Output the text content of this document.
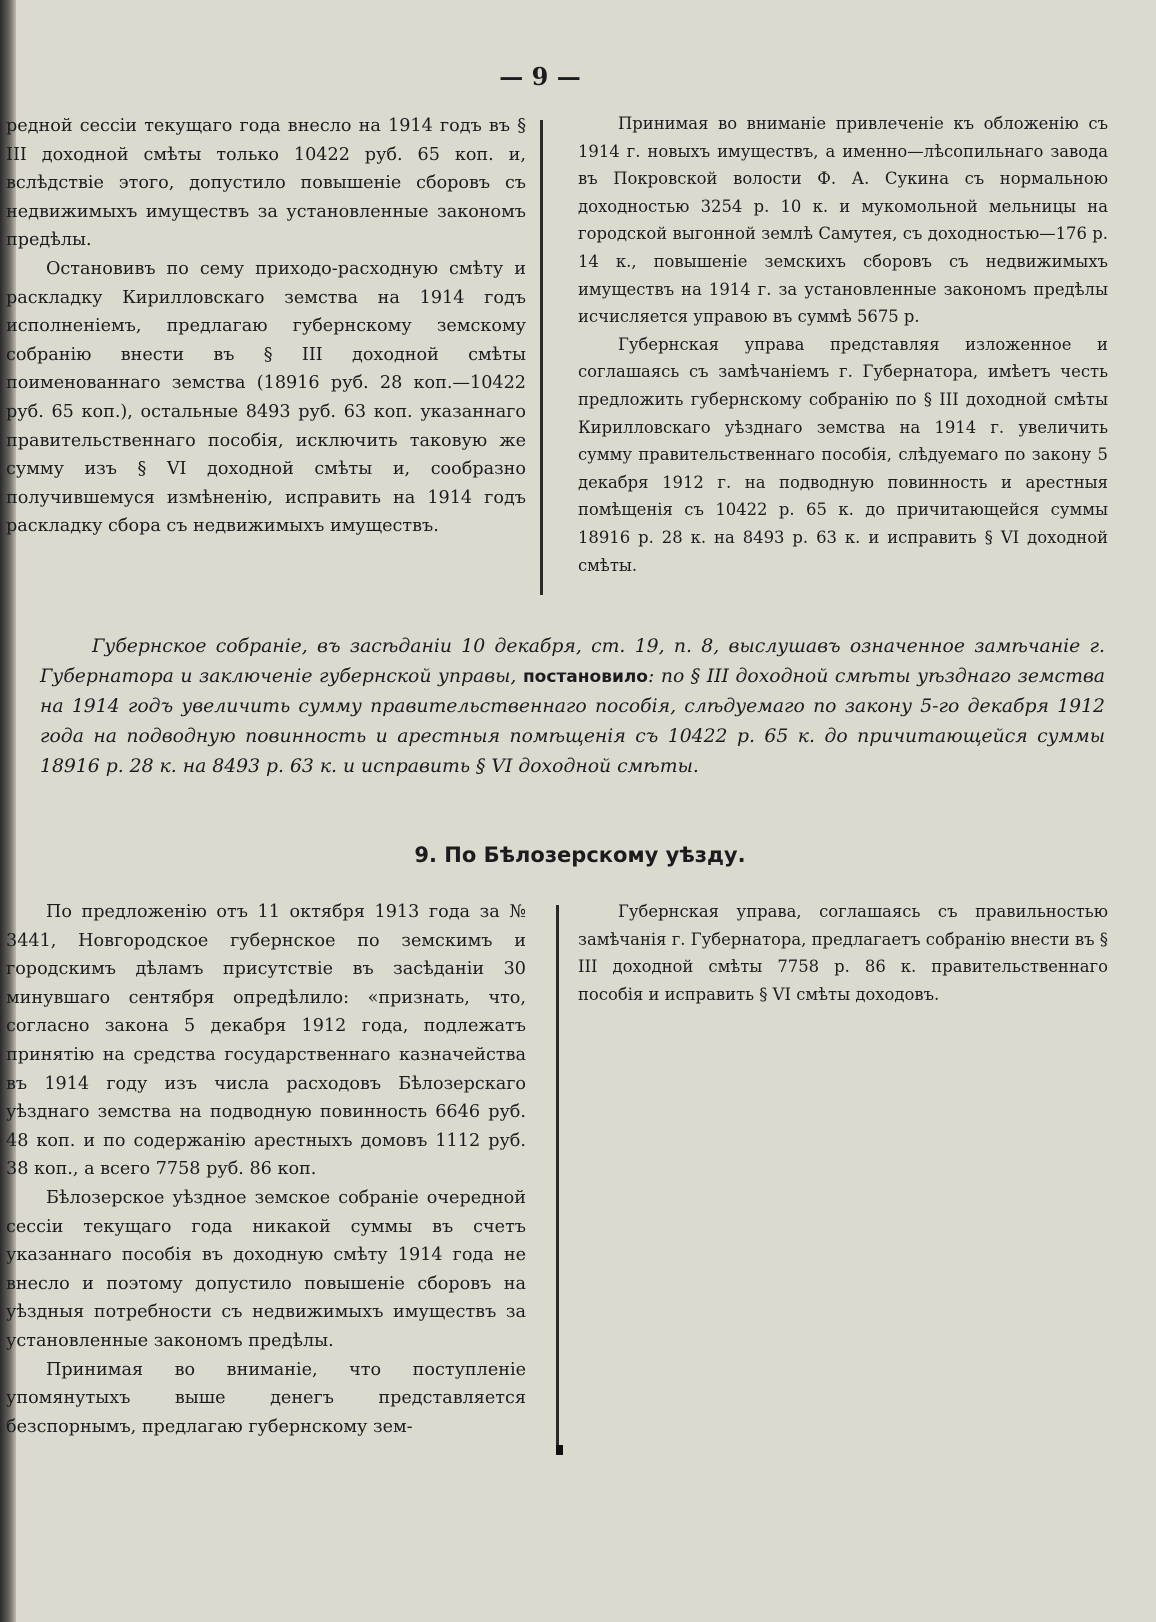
— 9 —

редной сессіи текущаго года внесло на 1914 годъ въ § III доходной смѣты только 10422 руб. 65 коп. и, вслѣдствіе этого, допустило повышеніе сборовъ съ недвижимыхъ имуществъ за установленные закономъ предѣлы.

Остановивъ по сему приходо-расходную смѣту и раскладку Кирилловскаго земства на 1914 годъ исполненіемъ, предлагаю губернскому земскому собранію внести въ § III доходной смѣты поименованнаго земства (18916 руб. 28 коп.—10422 руб. 65 коп.), остальные 8493 руб. 63 коп. указаннаго правительственнаго пособія, исключить таковую же сумму изъ § VI доходной смѣты и, сообразно получившемуся измѣненію, исправить на 1914 годъ раскладку сбора съ недвижимыхъ имуществъ.

Принимая во вниманіе привлеченіе къ обложенію съ 1914 г. новыхъ имуществъ, а именно—лѣсопильнаго завода въ Покровской волости Ф. А. Сукина съ нормальною доходностью 3254 р. 10 к. и мукомольной мельницы на городской выгонной землѣ Самутея, съ доходностью—176 р. 14 к., повышеніе земскихъ сборовъ съ недвижимыхъ имуществъ на 1914 г. за установленные закономъ предѣлы исчисляется управою въ суммѣ 5675 р.

Губернская управа представляя изложенное и соглашаясь съ замѣчаніемъ г. Губернатора, имѣетъ честь предложить губернскому собранію по § III доходной смѣты Кирилловскаго уѣзднаго земства на 1914 г. увеличить сумму правительственнаго пособія, слѣдуемаго по закону 5 декабря 1912 г. на подводную повинность и арестныя помѣщенія съ 10422 р. 65 к. до причитающейся суммы 18916 р. 28 к. на 8493 р. 63 к. и исправить § VI доходной смѣты.

Губернское собраніе, въ засѣданіи 10 декабря, ст. 19, п. 8, выслушавъ означенное замѣчаніе г. Губернатора и заключеніе губернской управы, постановило: по § III доходной смѣты уѣзднаго земства на 1914 годъ увеличить сумму правительственнаго пособія, слѣдуемаго по закону 5-го декабря 1912 года на подводную повинность и арестныя помѣщенія съ 10422 р. 65 к. до причитающейся суммы 18916 р. 28 к. на 8493 р. 63 к. и исправить § VI доходной смѣты.
9. По Бѣлозерскому уѣзду.

По предложенію отъ 11 октября 1913 года за № 3441, Новгородское губернское по земскимъ и городскимъ дѣламъ присутствіе въ засѣданіи 30 минувшаго сентября опредѣлило: «признать, что, согласно закона 5 декабря 1912 года, подлежатъ принятію на средства государственнаго казначейства въ 1914 году изъ числа расходовъ Бѣлозерскаго уѣзднаго земства на подводную повинность 6646 руб. 48 коп. и по содержанію арестныхъ домовъ 1112 руб. 38 коп., а всего 7758 руб. 86 коп.

Бѣлозерское уѣздное земское собраніе очередной сессіи текущаго года никакой суммы въ счетъ указаннаго пособія въ доходную смѣту 1914 года не внесло и поэтому допустило повышеніе сборовъ на уѣздныя потребности съ недвижимыхъ имуществъ за установленные закономъ предѣлы.

Принимая во вниманіе, что поступленіе упомянутыхъ выше денегъ представляется безспорнымъ, предлагаю губернскому зем-

Губернская управа, соглашаясь съ правильностью замѣчанія г. Губернатора, предлагаетъ собранію внести въ § III доходной смѣты 7758 р. 86 к. правительственнаго пособія и исправить § VI смѣты доходовъ.
